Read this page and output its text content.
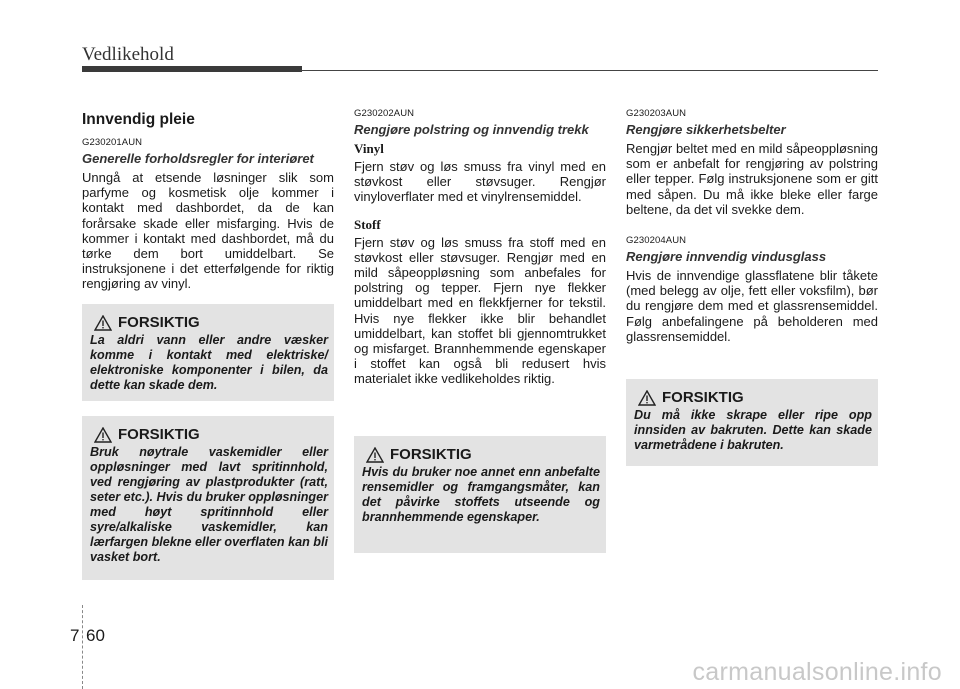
Vedlikehold
Innvendig pleie
G230201AUN
Generelle forholdsregler for interiøret

Unngå at etsende løsninger slik som parfyme og kosmetisk olje kommer i kontakt med dashbordet, da de kan forårsake skade eller misfarging. Hvis de kommer i kontakt med dashbordet, må du tørke dem bort umiddelbart. Se instruksjonene i det etterfølgende for riktig rengjøring av vinyl.

G230202AUN
Rengjøre polstring og innvendig trekk
Vinyl

Fjern støv og løs smuss fra vinyl med en støvkost eller støvsuger. Rengjør vinyloverflater med et vinylrensemiddel.

Stoff

Fjern støv og løs smuss fra stoff med en støvkost eller støvsuger. Rengjør med en mild såpeoppløsning som anbefales for polstring og tepper. Fjern nye flekker umiddelbart med en flekkfjerner for tekstil. Hvis nye flekker ikke blir behandlet umiddelbart, kan stoffet bli gjennomtrukket og misfarget. Brannhemmende egenskaper i stoffet kan også bli redusert hvis materialet ikke vedlikeholdes riktig.

G230203AUN
Rengjøre sikkerhetsbelter

Rengjør beltet med en mild såpeoppløsning som er anbefalt for rengjøring av polstring eller tepper. Følg instruksjonene som er gitt med såpen. Du må ikke bleke eller farge beltene, da det vil svekke dem.

G230204AUN
Rengjøre innvendig vindusglass

Hvis de innvendige glassflatene blir tåkete (med belegg av olje, fett eller voksfilm), bør du rengjøre dem med et glassrensemiddel. Følg anbefalingene på beholderen med glassrensemiddel.

FORSIKTIG

La aldri vann eller andre væsker komme i kontakt med elektriske/ elektroniske komponenter i bilen, da dette kan skade dem.

FORSIKTIG

Bruk nøytrale vaskemidler eller oppløsninger med lavt spritinnhold, ved rengjøring av plastprodukter (ratt, seter etc.). Hvis du bruker oppløsninger med høyt spritinnhold eller syre/alkaliske vaskemidler, kan lærfargen blekne eller overflaten kan bli vasket bort.

FORSIKTIG

Hvis du bruker noe annet enn anbefalte rensemidler og framgangsmåter, kan det påvirke stoffets utseende og brannhemmende egenskaper.

FORSIKTIG

Du må ikke skrape eller ripe opp innsiden av bakruten. Dette kan skade varmetrådene i bakruten.

7 60
carmanualsonline.info
